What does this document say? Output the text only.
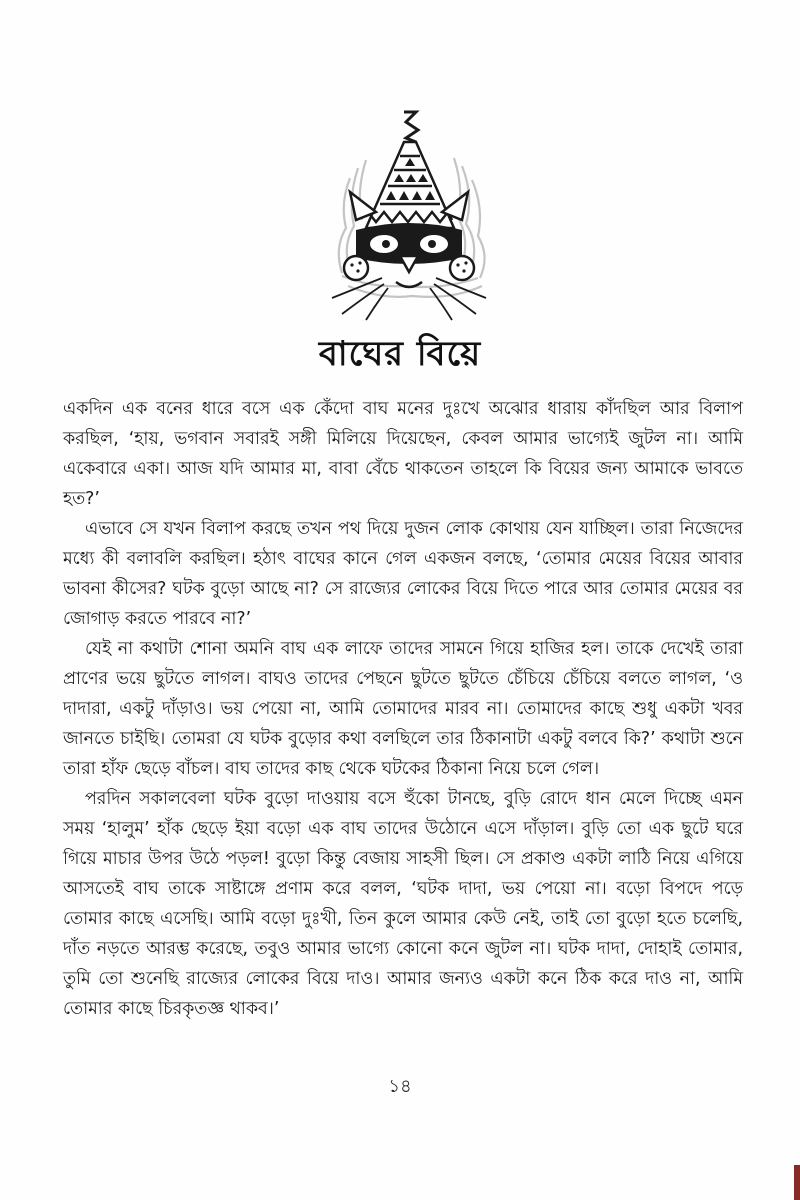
বাঘের বিয়ে

একদিন এক বনের ধারে বসে এক কেঁদো বাঘ মনের দুঃখে অঝোর ধারায় কাঁদছিল আর বিলাপ করছিল, ‘হায়, ভগবান সবারই সঙ্গী মিলিয়ে দিয়েছেন, কেবল আমার ভাগ্যেই জুটল না। আমি একেবারে একা। আজ যদি আমার মা, বাবা বেঁচে থাকতেন তাহলে কি বিয়ের জন্য আমাকে ভাবতে হত?’

এভাবে সে যখন বিলাপ করছে তখন পথ দিয়ে দুজন লোক কোথায় যেন যাচ্ছিল। তারা নিজেদের মধ্যে কী বলাবলি করছিল। হঠাৎ বাঘের কানে গেল একজন বলছে, ‘তোমার মেয়ের বিয়ের আবার ভাবনা কীসের? ঘটক বুড়ো আছে না? সে রাজ্যের লোকের বিয়ে দিতে পারে আর তোমার মেয়ের বর জোগাড় করতে পারবে না?’

যেই না কথাটা শোনা অমনি বাঘ এক লাফে তাদের সামনে গিয়ে হাজির হল। তাকে দেখেই তারা প্রাণের ভয়ে ছুটতে লাগল। বাঘও তাদের পেছনে ছুটতে ছুটতে চেঁচিয়ে চেঁচিয়ে বলতে লাগল, ‘ও দাদারা, একটু দাঁড়াও। ভয় পেয়ো না, আমি তোমাদের মারব না। তোমাদের কাছে শুধু একটা খবর জানতে চাইছি। তোমরা যে ঘটক বুড়োর কথা বলছিলে তার ঠিকানাটা একটু বলবে কি?’ কথাটা শুনে তারা হাঁফ ছেড়ে বাঁচল। বাঘ তাদের কাছ থেকে ঘটকের ঠিকানা নিয়ে চলে গেল।

পরদিন সকালবেলা ঘটক বুড়ো দাওয়ায় বসে হুঁকো টানছে, বুড়ি রোদে ধান মেলে দিচ্ছে এমন সময় ‘হালুম’ হাঁক ছেড়ে ইয়া বড়ো এক বাঘ তাদের উঠোনে এসে দাঁড়াল। বুড়ি তো এক ছুটে ঘরে গিয়ে মাচার উপর উঠে পড়ল! বুড়ো কিন্তু বেজায় সাহসী ছিল। সে প্রকাণ্ড একটা লাঠি নিয়ে এগিয়ে আসতেই বাঘ তাকে সাষ্টাঙ্গে প্রণাম করে বলল, ‘ঘটক দাদা, ভয় পেয়ো না। বড়ো বিপদে পড়ে তোমার কাছে এসেছি। আমি বড়ো দুঃখী, তিন কুলে আমার কেউ নেই, তাই তো বুড়ো হতে চলেছি, দাঁত নড়তে আরম্ভ করেছে, তবুও আমার ভাগ্যে কোনো কনে জুটল না। ঘটক দাদা, দোহাই তোমার, তুমি তো শুনেছি রাজ্যের লোকের বিয়ে দাও। আমার জন্যও একটা কনে ঠিক করে দাও না, আমি তোমার কাছে চিরকৃতজ্ঞ থাকব।’

১৪
